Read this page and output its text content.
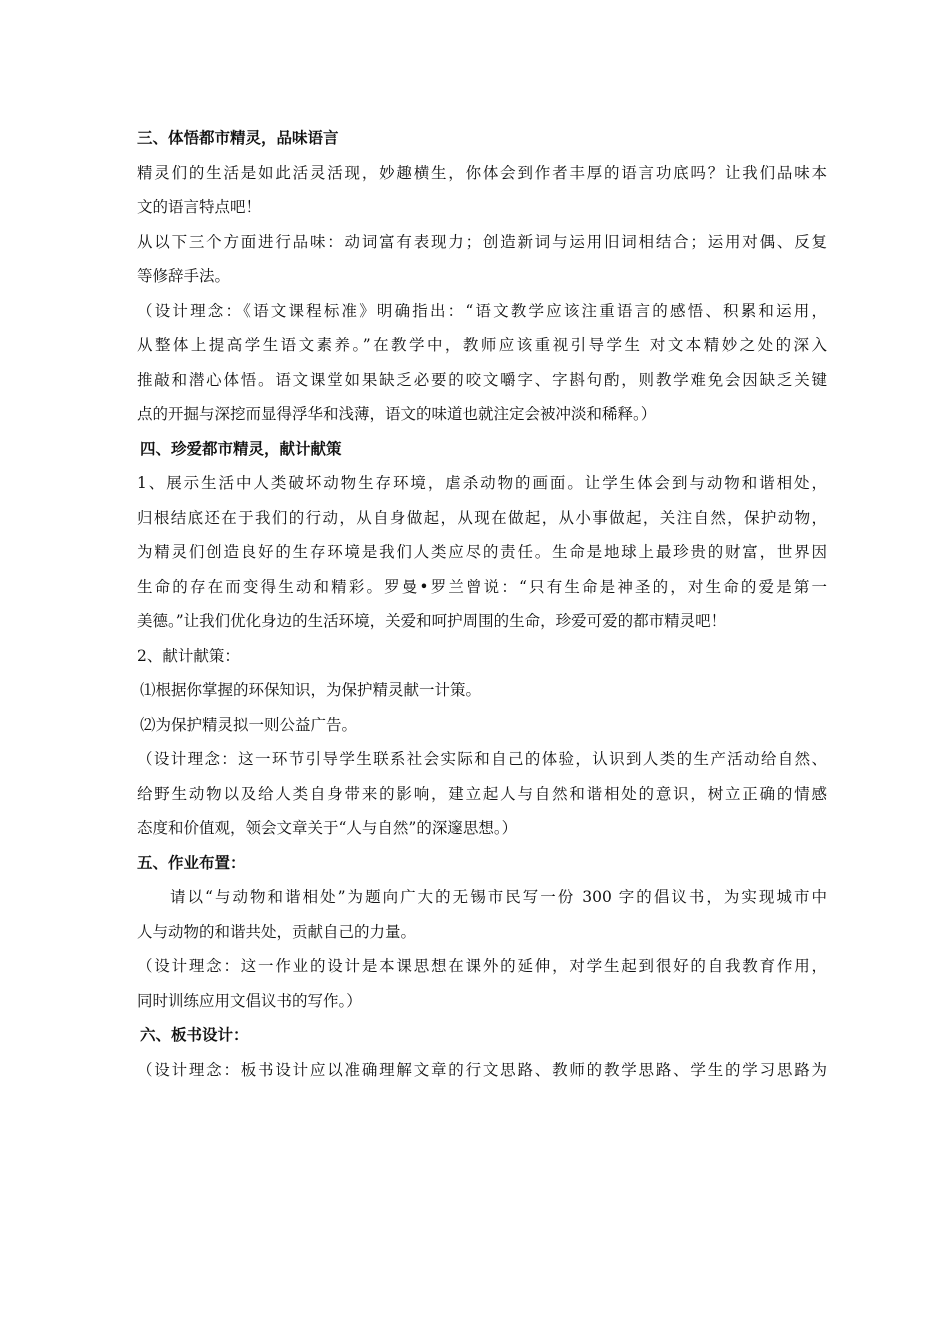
三、体悟都市精灵，品味语言

精灵们的生活是如此活灵活现，妙趣横生，你体会到作者丰厚的语言功底吗？让我们品味本

文的语言特点吧！

从以下三个方面进行品味：动词富有表现力；创造新词与运用旧词相结合；运用对偶、反复

等修辞手法。

（设计理念：《语文课程标准》明确指出：“语文教学应该注重语言的感悟、积累和运用，

从整体上提高学生语文素养。”在教学中，教师应该重视引导学生 对文本精妙之处的深入

推敲和潜心体悟。语文课堂如果缺乏必要的咬文嚼字、字斟句酌，则教学难免会因缺乏关键

点的开掘与深挖而显得浮华和浅薄，语文的味道也就注定会被冲淡和稀释。）

四、珍爱都市精灵，献计献策

1、展示生活中人类破坏动物生存环境，虐杀动物的画面。让学生体会到与动物和谐相处，

归根结底还在于我们的行动，从自身做起，从现在做起，从小事做起，关注自然，保护动物，

为精灵们创造良好的生存环境是我们人类应尽的责任。生命是地球上最珍贵的财富，世界因

生命的存在而变得生动和精彩。罗曼•罗兰曾说：“只有生命是神圣的，对生命的爱是第一

美德。”让我们优化身边的生活环境，关爱和呵护周围的生命，珍爱可爱的都市精灵吧！

2、献计献策：

⑴根据你掌握的环保知识，为保护精灵献一计策。

⑵为保护精灵拟一则公益广告。

（设计理念：这一环节引导学生联系社会实际和自己的体验，认识到人类的生产活动给自然、

给野生动物以及给人类自身带来的影响，建立起人与自然和谐相处的意识，树立正确的情感

态度和价值观，领会文章关于“人与自然”的深邃思想。）

五、作业布置：

请以“与动物和谐相处”为题向广大的无锡市民写一份 300 字的倡议书，为实现城市中

人与动物的和谐共处，贡献自己的力量。

（设计理念：这一作业的设计是本课思想在课外的延伸，对学生起到很好的自我教育作用，

同时训练应用文倡议书的写作。）

六、板书设计：

（设计理念：板书设计应以准确理解文章的行文思路、教师的教学思路、学生的学习思路为
